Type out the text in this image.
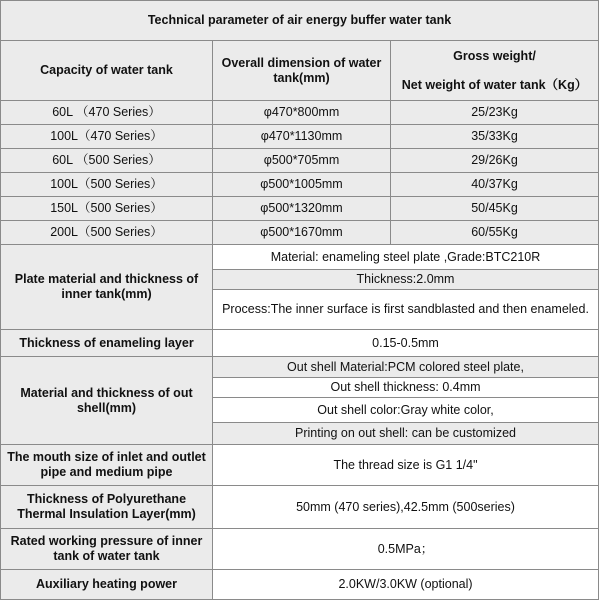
Technical parameter of air energy buffer water tank		
Capacity of water tank	Overall dimension of water tank(mm)	Gross weight/
Net weight of water tank（Kg）

60L （470 Series）	φ470*800mm	25/23Kg
100L（470 Series）	φ470*1130mm	35/33Kg
60L （500 Series）	φ500*705mm	29/26Kg
100L（500 Series）	φ500*1005mm	40/37Kg
150L（500 Series）	φ500*1320mm	50/45Kg
200L（500 Series）	φ500*1670mm	60/55Kg
Plate material and thickness of inner tank(mm)	Material: enameling steel plate ,Grade:BTC210R	
	Thickness:2.0mm	
	Process:The inner surface is first sandblasted and then enameled.	
Thickness of enameling layer	0.15-0.5mm	
Material and thickness of out shell(mm)	Out shell Material:PCM colored steel plate,	
	Out shell thickness: 0.4mm	
	Out shell color:Gray white color,	
	Printing on out shell: can be customized	
The mouth size of inlet and outlet pipe and medium pipe	The thread size is G1 1/4"	
Thickness of Polyurethane Thermal Insulation Layer(mm)	50mm (470 series),42.5mm (500series)	
Rated working pressure of inner tank of water tank	0.5MPa；	
Auxiliary heating power	2.0KW/3.0KW (optional)	
